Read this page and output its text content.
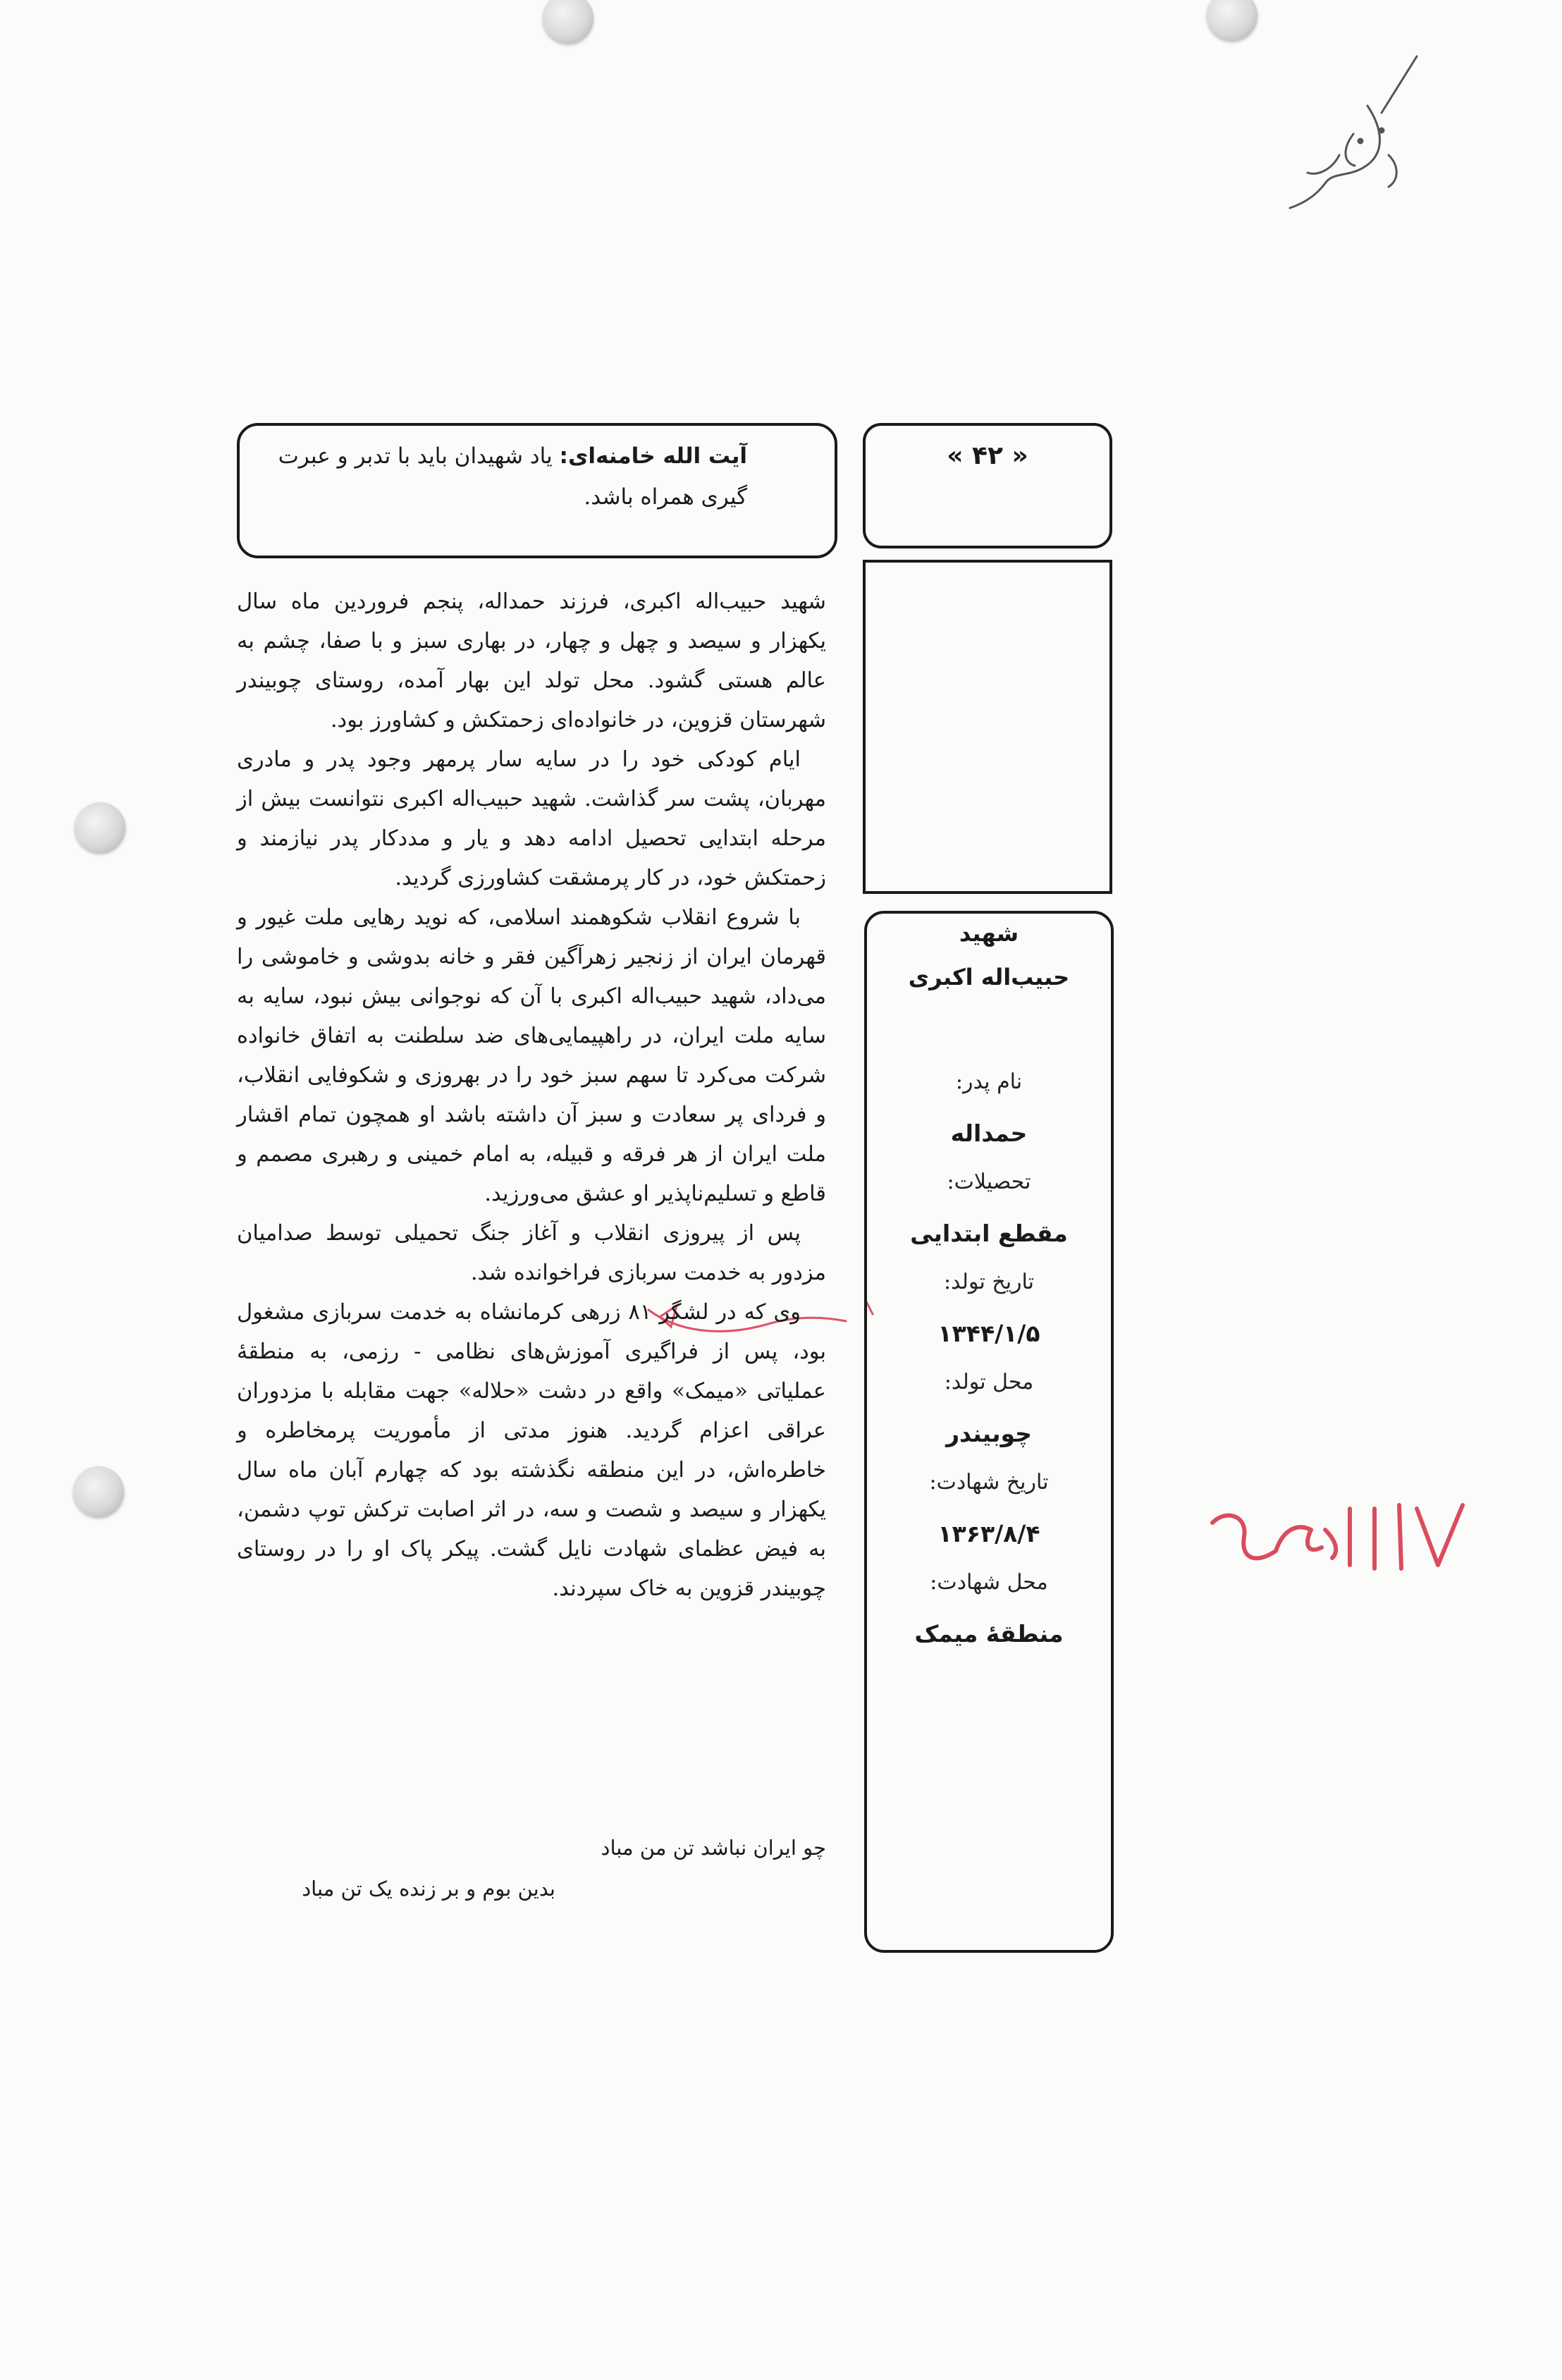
آیت الله خامنه‌ای: یاد شهیدان باید با تدبر و عبرت گیری همراه باشد.
« ۴۲ »
شهید
حبیب‌اله اکبری
نام پدر:
حمداله
تحصیلات:
مقطع ابتدایی
تاریخ تولد:
۱۳۴۴/۱/۵
محل تولد:
چوبیندر
تاریخ شهادت:
۱۳۶۳/۸/۴
محل شهادت:
منطقهٔ میمک

شهید حبیب‌اله اکبری، فرزند حمداله، پنجم فروردین ماه سال یکهزار و سیصد و چهل و چهار، در بهاری سبز و با صفا، چشم به عالم هستی گشود. محل تولد این بهار آمده، روستای چوبیندر شهرستان قزوین، در خانواده‌ای زحمتکش و کشاورز بود.

ایام کودکی خود را در سایه سار پرمهر وجود پدر و مادری مهربان، پشت سر گذاشت. شهید حبیب‌اله اکبری نتوانست بیش از مرحله ابتدایی تحصیل ادامه دهد و یار و مددکار پدر نیازمند و زحمتکش خود، در کار پرمشقت کشاورزی گردید.

با شروع انقلاب شکوهمند اسلامی، که نوید رهایی ملت غیور و قهرمان ایران از زنجیر زهرآگین فقر و خانه بدوشی و خاموشی را می‌داد، شهید حبیب‌اله اکبری با آن که نوجوانی بیش نبود، سایه به سایه ملت ایران، در راهپیمایی‌های ضد سلطنت به اتفاق خانواده شرکت می‌کرد تا سهم سبز خود را در بهروزی و شکوفایی انقلاب، و فردای پر سعادت و سبز آن داشته باشد او همچون تمام اقشار ملت ایران از هر فرقه و قبیله، به امام خمینی و رهبری مصمم و قاطع و تسلیم‌ناپذیر او عشق می‌ورزید.

پس از پیروزی انقلاب و آغاز جنگ تحمیلی توسط صدامیان مزدور به خدمت سربازی فراخوانده شد.

وی که در لشگر ۸۱ زرهی کرمانشاه به خدمت سربازی مشغول بود، پس از فراگیری آموزش‌های نظامی - رزمی، به منطقهٔ عملیاتی «میمک» واقع در دشت «حلاله» جهت مقابله با مزدوران عراقی اعزام گردید. هنوز مدتی از مأموریت پرمخاطره و خاطره‌اش، در این منطقه نگذشته بود که چهارم آبان ماه سال یکهزار و سیصد و شصت و سه، در اثر اصابت ترکش توپ دشمن، به فیض عظمای شهادت نایل گشت. پیکر پاک او را در روستای چوبیندر قزوین به خاک سپردند.

چو ایران نباشد تن من مباد
بدین بوم و بر زنده یک تن مباد
